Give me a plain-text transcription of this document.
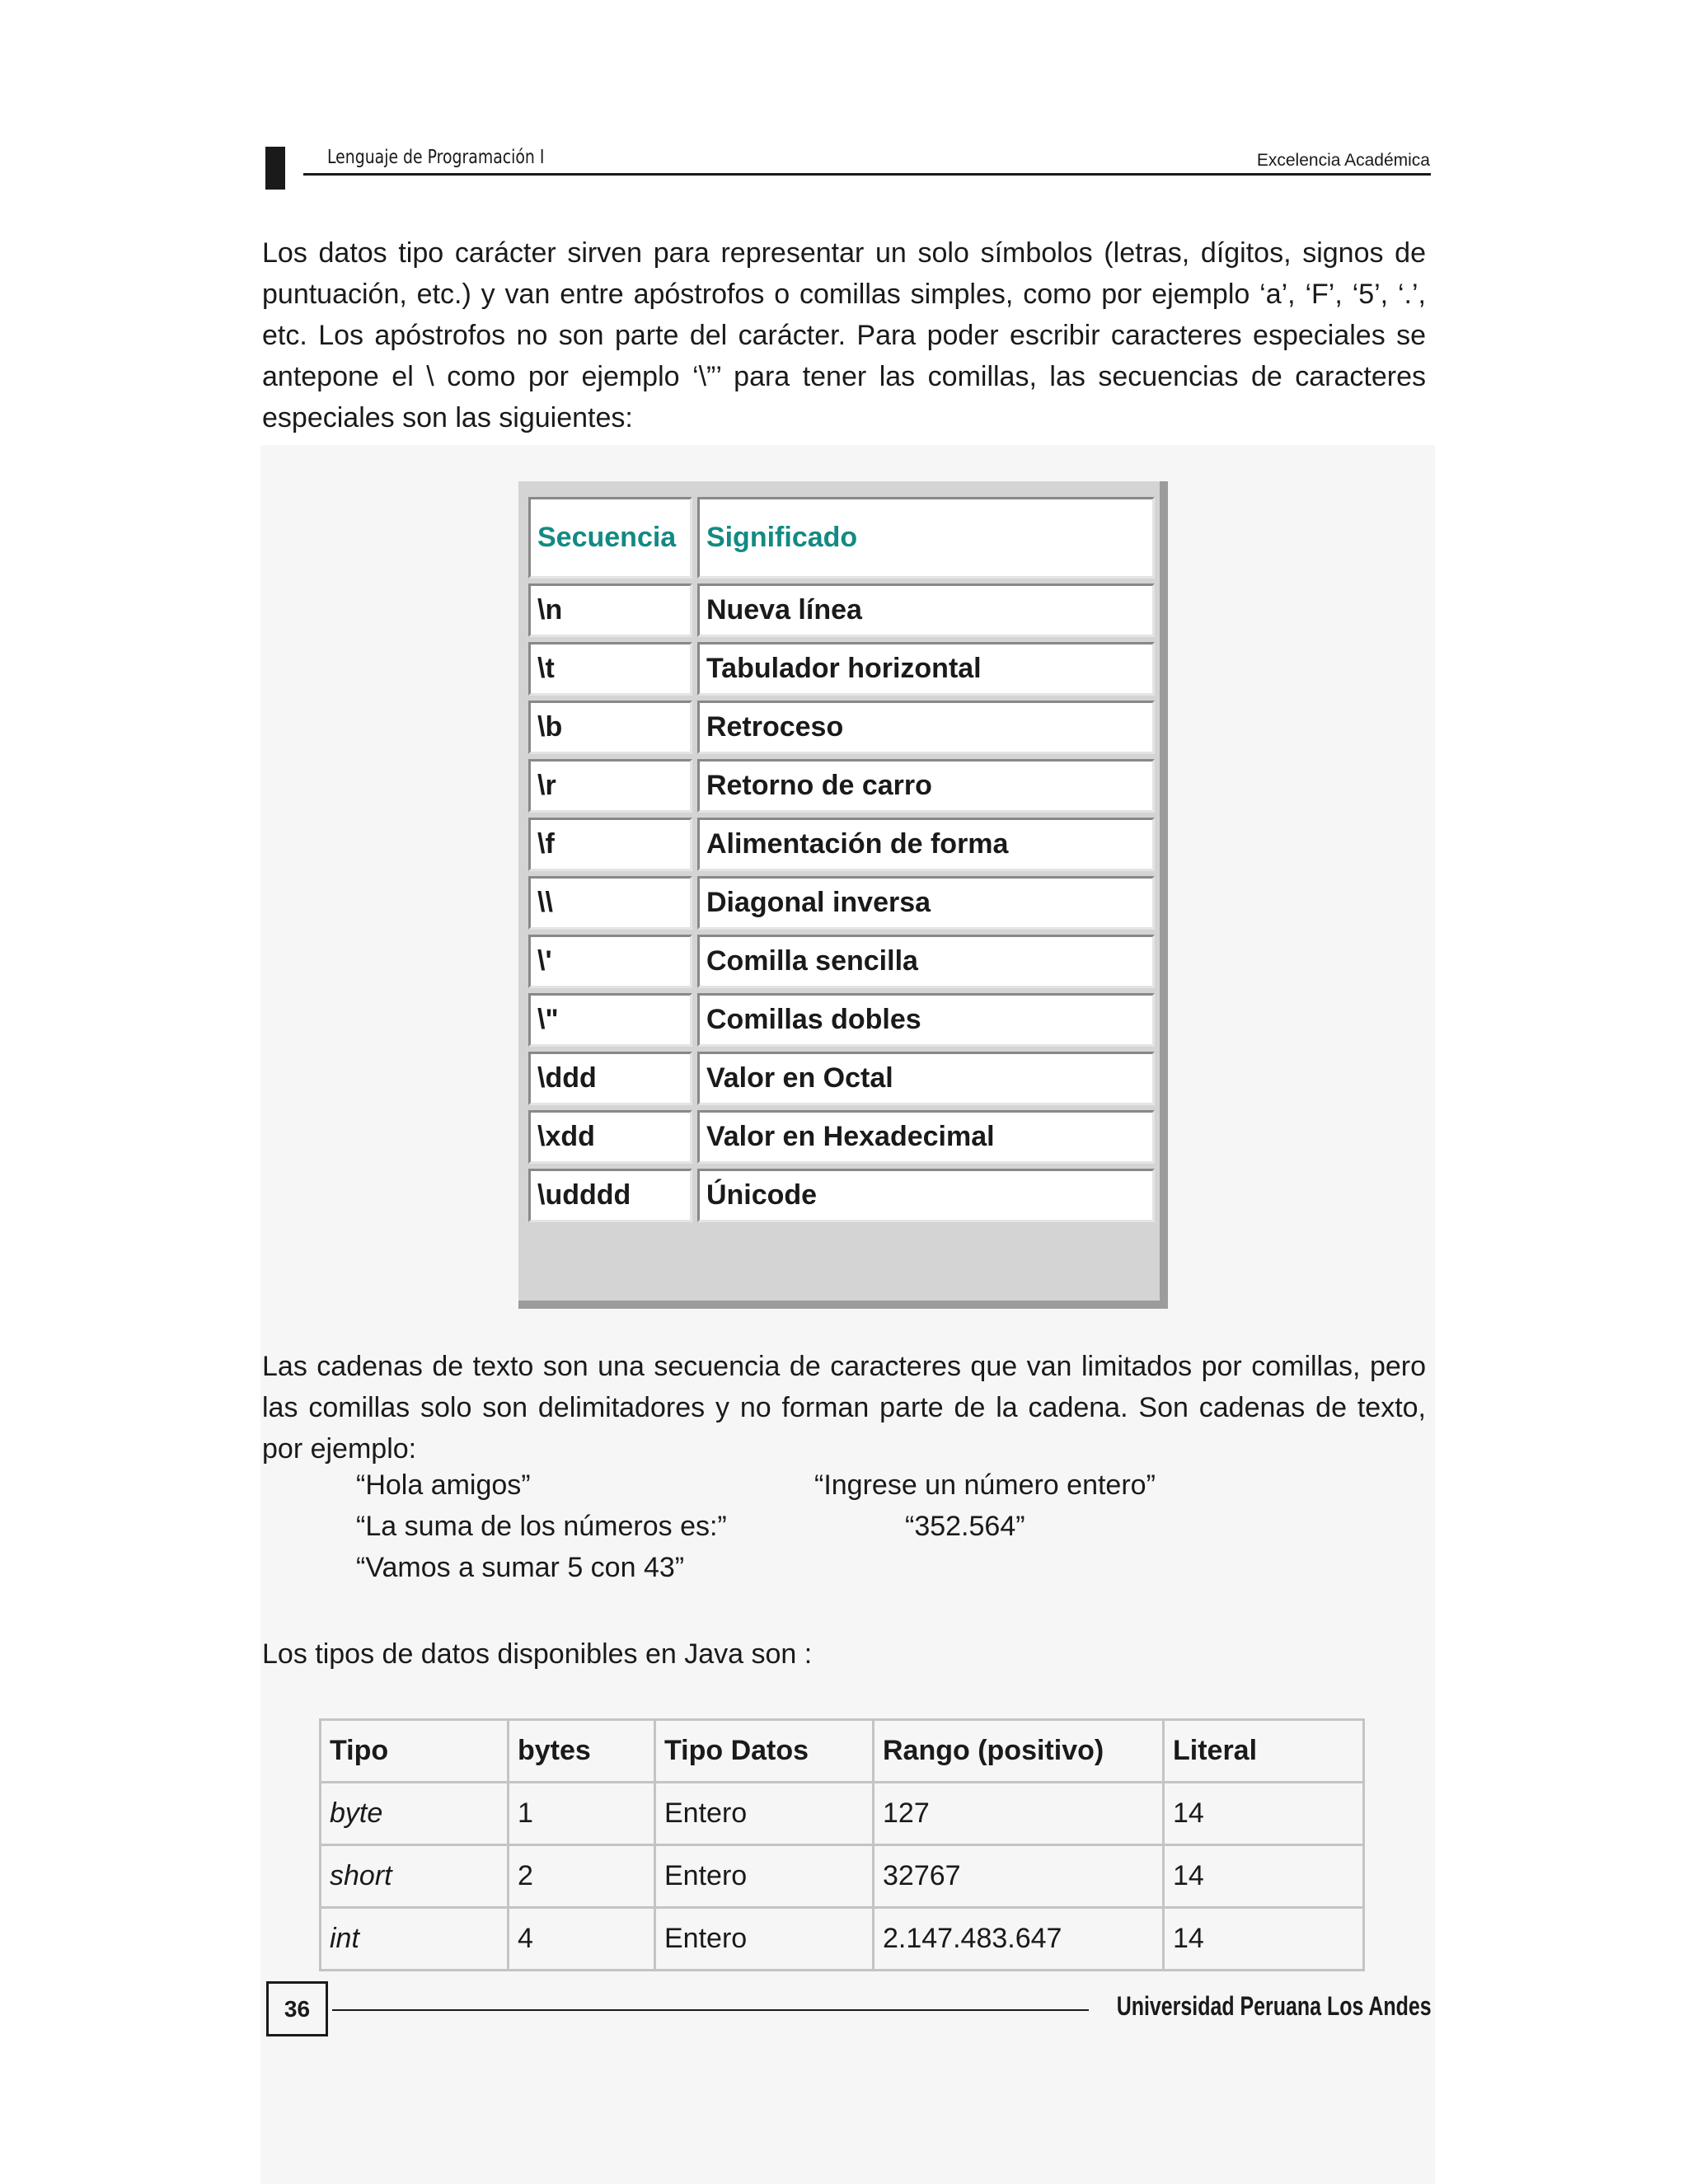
Lenguaje de Programación I	Excelencia Académica

Los datos tipo carácter sirven para representar un solo símbolos (letras, dígitos, signos de puntuación, etc.) y van entre apóstrofos o comillas simples, como por ejemplo ‘a’, ‘F’, ‘5’, ‘.’, etc. Los apóstrofos no son parte del carácter. Para poder escribir caracteres especiales se antepone el \ como por ejemplo ‘\”’ para tener las comillas, las secuencias de caracteres especiales son las siguientes:

Secuencia	Significado
\n	Nueva línea
\t	Tabulador horizontal
\b	Retroceso
\r	Retorno de carro
\f	Alimentación de forma
\\	Diagonal inversa
\'	Comilla sencilla
\"	Comillas dobles
\ddd	Valor en Octal
\xdd	Valor en Hexadecimal
\udddd	Únicode

Las cadenas de texto son una secuencia de caracteres que van limitados por comillas, pero las comillas solo son delimitadores y no forman parte de la cadena. Son cadenas de texto, por ejemplo:

“Hola amigos”
“La suma de los números es:”
“Vamos a sumar 5 con 43”
“Ingrese un número entero”
“352.564”

Los tipos de datos disponibles en Java son :

Tipo	bytes	Tipo Datos	Rango (positivo)	Literal
byte	1	Entero	127	14
short	2	Entero	32767	14
int	4	Entero	2.147.483.647	14
36	Universidad Peruana Los Andes
